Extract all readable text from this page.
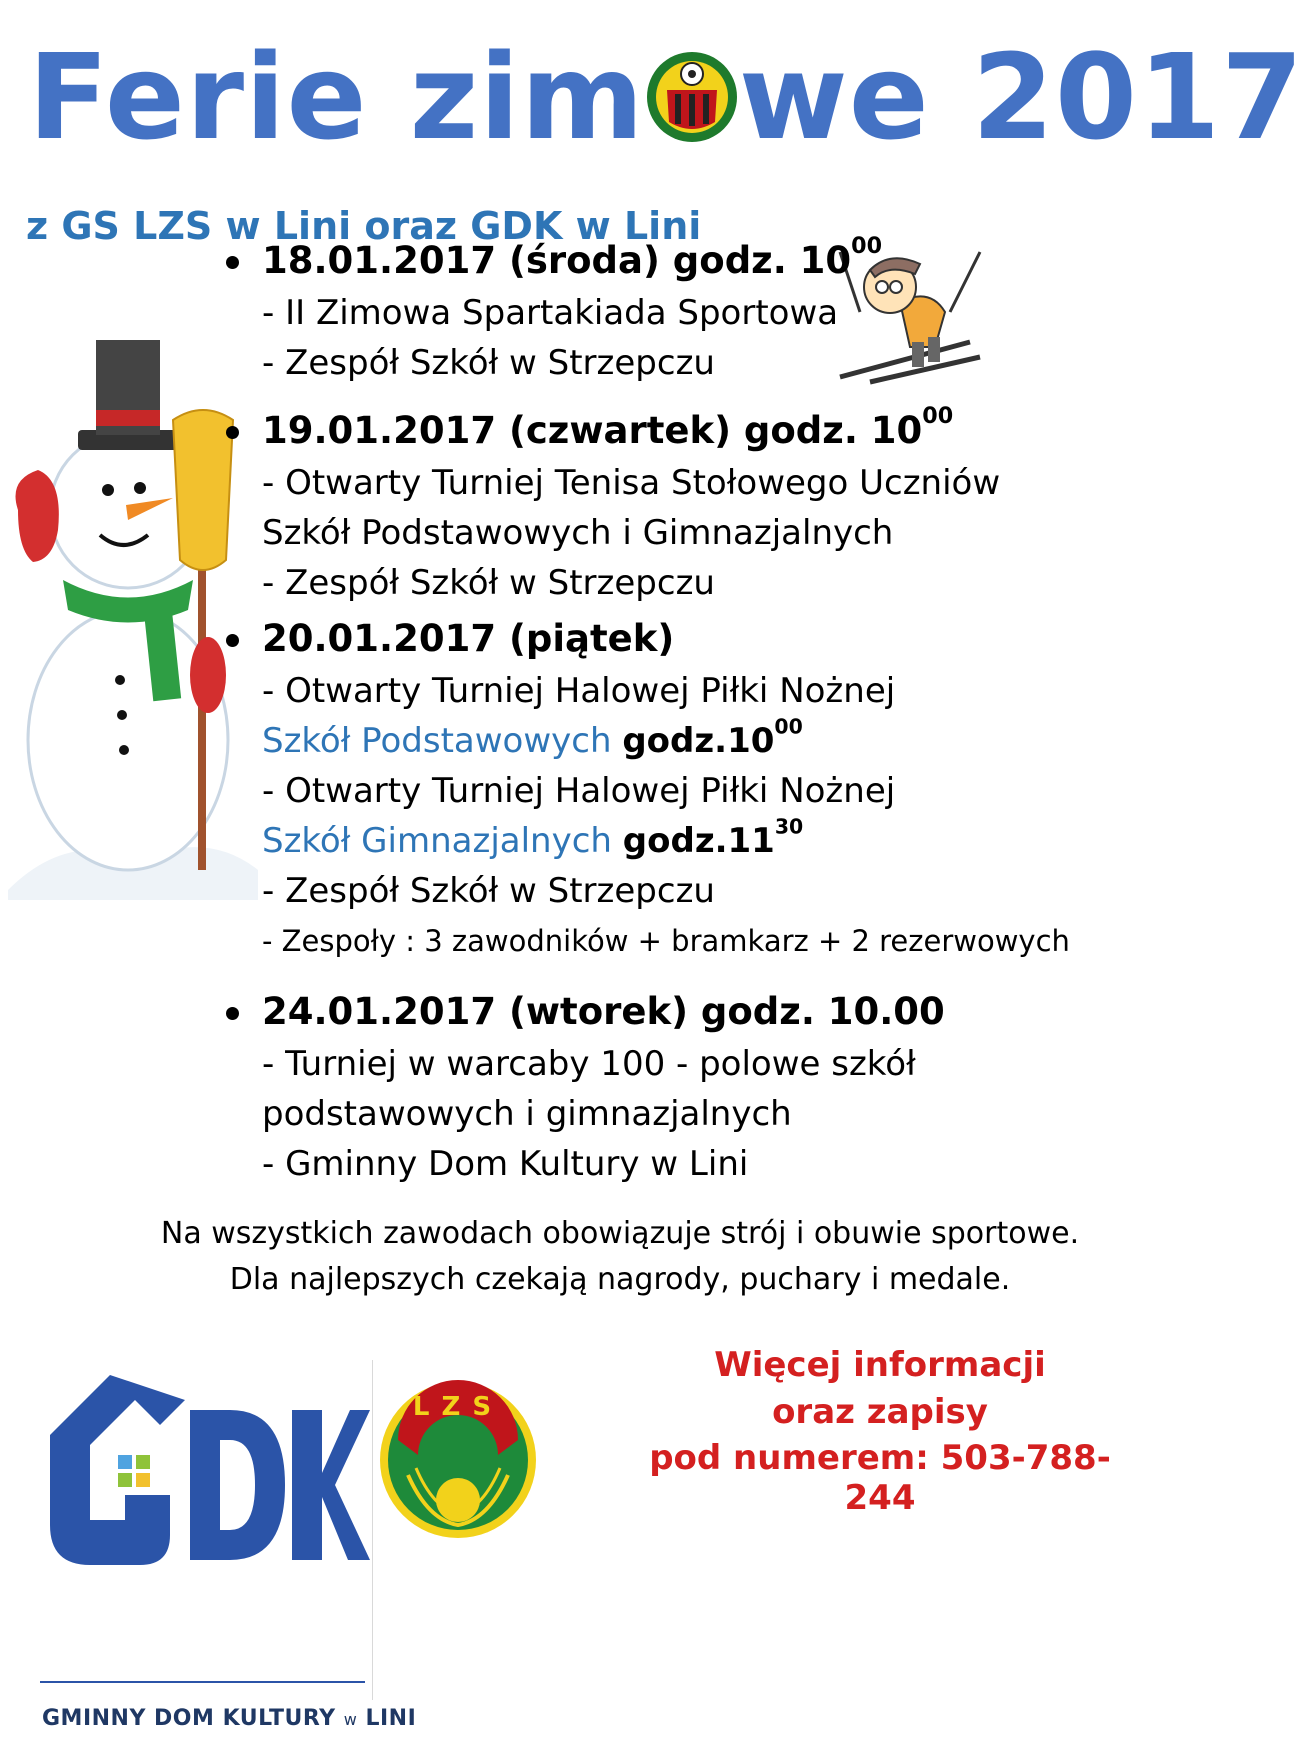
Ferie zim we 2017
z GS LZS w Lini oraz GDK w Lini
18.01.2017 (środa) godz. $10^{00}$
- II Zimowa Spartakiada Sportowa
- Zespół Szkół w Strzepczu
19.01.2017 (czwartek) godz. $10^{00}$
- Otwarty Turniej Tenisa Stołowego Uczniów
Szkół Podstawowych i Gimnazjalnych
- Zespół Szkół w Strzepczu
20.01.2017 (piątek)
- Otwarty Turniej Halowej Piłki Nożnej
Szkół Podstawowych $godz.10^{00}$
- Otwarty Turniej Halowej Piłki Nożnej
Szkół Gimnazjalnych $godz.11^{30}$
- Zespół Szkół w Strzepczu
- Zespoły : 3 zawodników + bramkarz + 2 rezerwowych
24.01.2017 (wtorek) godz. 10.00
- Turniej w warcaby 100 - polowe szkół
podstawowych i gimnazjalnych
- Gminny Dom Kultury w Lini
Na wszystkich zawodach obowiązuje strój i obuwie sportowe.
Dla najlepszych czekają nagrody, puchary i medale.
GMINNY DOM KULTURY w LINI
LZS
Więcej informacji
oraz zapisy
pod numerem: 503-788-244
